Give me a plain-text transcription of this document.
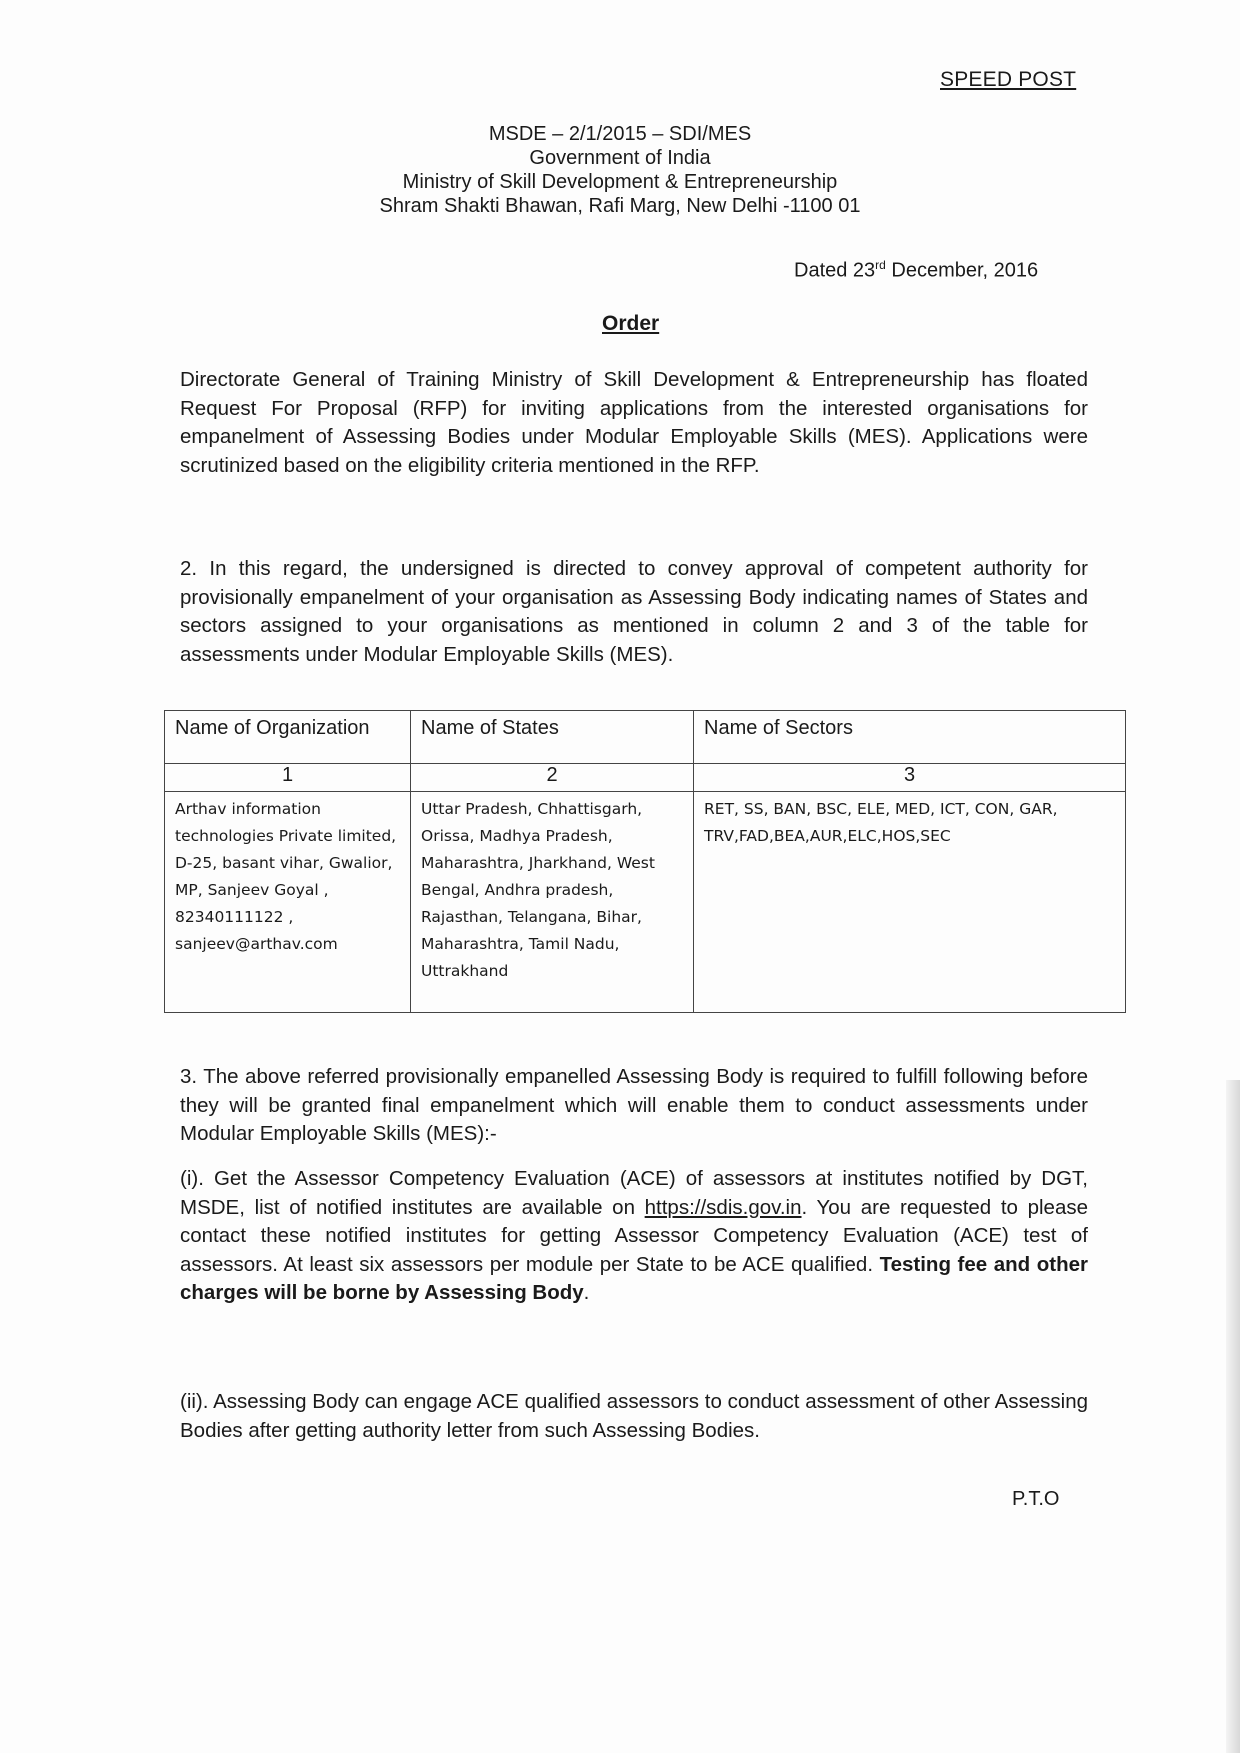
SPEED POST
MSDE – 2/1/2015 – SDI/MES
Government of India
Ministry of Skill Development & Entrepreneurship
Shram Shakti Bhawan, Rafi Marg, New Delhi -1100 01
Dated 23rd December, 2016
Order
Directorate General of Training Ministry of Skill Development & Entrepreneurship has floated Request For Proposal (RFP) for inviting applications from the interested organisations for empanelment of Assessing Bodies under Modular Employable Skills (MES). Applications were scrutinized based on the eligibility criteria mentioned in the RFP.
2. In this regard, the undersigned is directed to convey approval of competent authority for provisionally empanelment of your organisation as Assessing Body indicating names of States and sectors assigned to your organisations as mentioned in column 2 and 3 of the table for assessments under Modular Employable Skills (MES).
Name of Organization	Name of States	Name of Sectors
1	2	3
Arthav information technologies Private limited, D-25, basant vihar, Gwalior, MP, Sanjeev Goyal , 82340111122 , sanjeev@arthav.com	Uttar Pradesh, Chhattisgarh, Orissa, Madhya Pradesh, Maharashtra, Jharkhand, West Bengal, Andhra pradesh, Rajasthan, Telangana, Bihar, Maharashtra, Tamil Nadu, Uttrakhand	RET, SS, BAN, BSC, ELE, MED, ICT, CON, GAR, TRV,FAD,BEA,AUR,ELC,HOS,SEC
3. The above referred provisionally empanelled Assessing Body is required to fulfill following before they will be granted final empanelment which will enable them to conduct assessments under Modular Employable Skills (MES):-
(i). Get the Assessor Competency Evaluation (ACE) of assessors at institutes notified by DGT, MSDE, list of notified institutes are available on https://sdis.gov.in. You are requested to please contact these notified institutes for getting Assessor Competency Evaluation (ACE) test of assessors. At least six assessors per module per State to be ACE qualified. Testing fee and other charges will be borne by Assessing Body.
(ii). Assessing Body can engage ACE qualified assessors to conduct assessment of other Assessing Bodies after getting authority letter from such Assessing Bodies.
P.T.O
